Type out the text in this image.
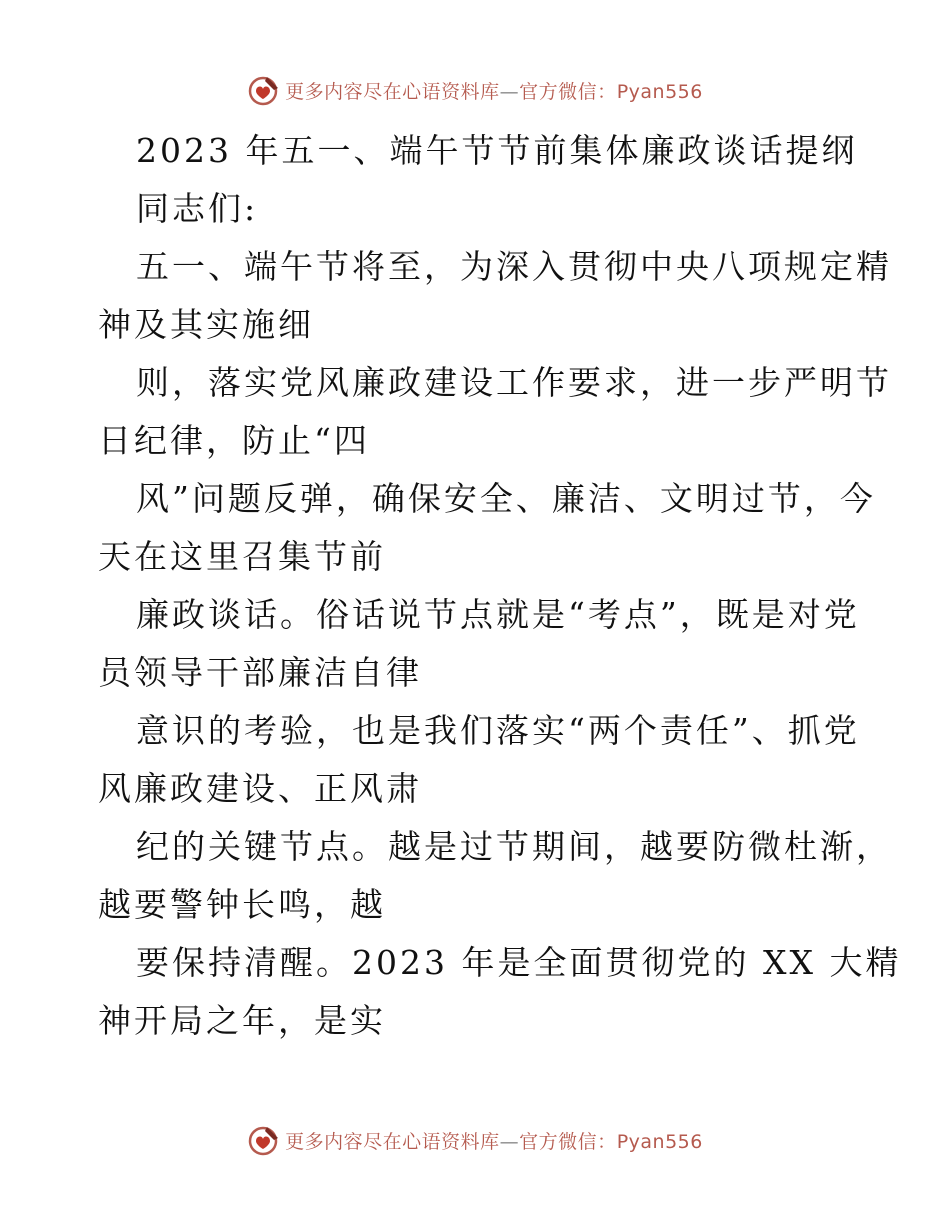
更多内容尽在心语资料库—官方微信：Pyan556
2023 年五一、端午节节前集体廉政谈话提纲
同志们:
五一、端午节将至，为深入贯彻中央八项规定精
神及其实施细
则，落实党风廉政建设工作要求，进一步严明节
日纪律，防止“四
风”问题反弹，确保安全、廉洁、文明过节，今
天在这里召集节前
廉政谈话。俗话说节点就是“考点”，既是对党
员领导干部廉洁自律
意识的考验，也是我们落实“两个责任”、抓党
风廉政建设、正风肃
纪的关键节点。越是过节期间，越要防微杜渐，
越要警钟长鸣，越
要保持清醒。2023 年是全面贯彻党的 XX 大精
神开局之年，是实
更多内容尽在心语资料库—官方微信：Pyan556
